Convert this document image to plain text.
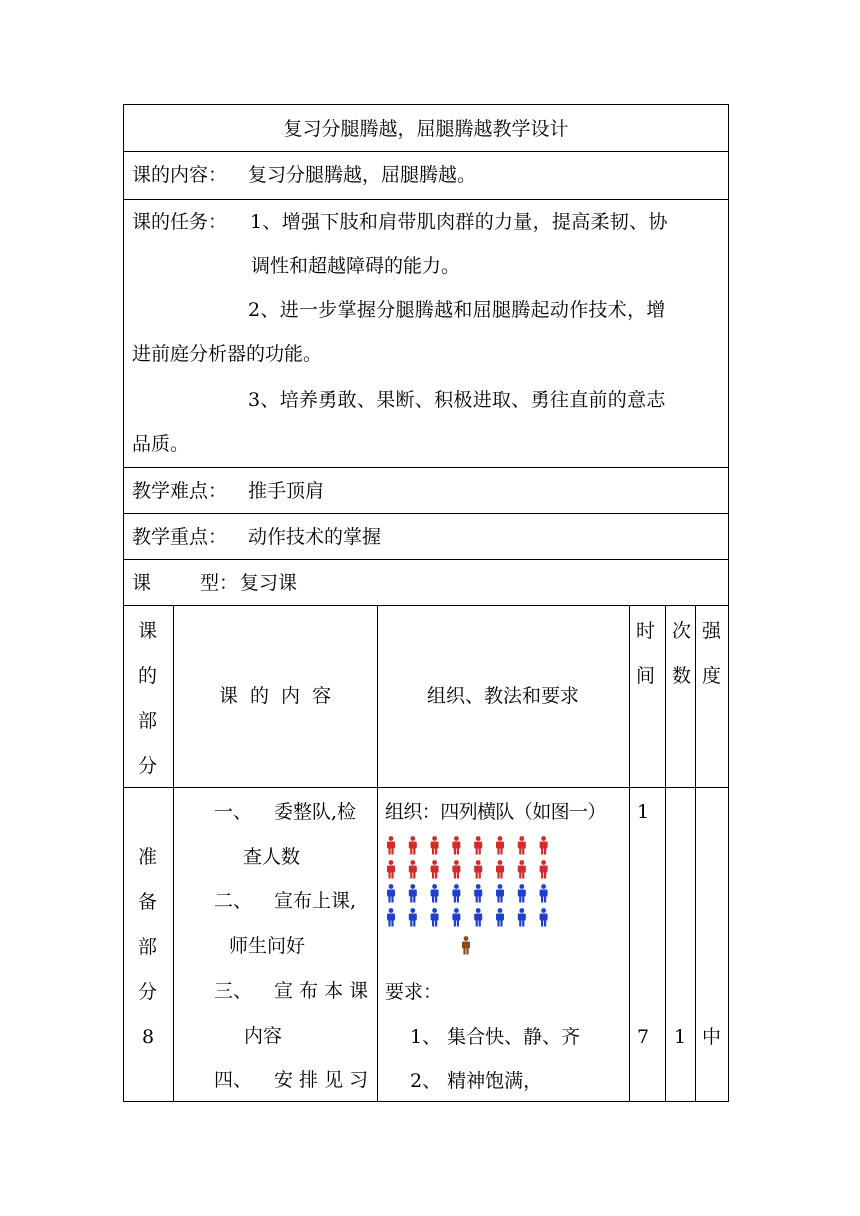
复习分腿腾越，屈腿腾越教学设计
课的内容： 复习分腿腾越，屈腿腾越。
课的任务： 1、增强下肢和肩带肌肉群的力量，提高柔韧、协
调性和超越障碍的能力。
2、进一步掌握分腿腾越和屈腿腾起动作技术，增
进前庭分析器的功能。
3、培养勇敢、果断、积极进取、勇往直前的意志
品质。
教学难点： 推手顶肩
教学重点： 动作技术的掌握
课	型： 复习课
课
的
部
分
课  的  内  容	组织、教法和要求
时
间
次
数
强
度
准
备
部
分
8
一、 委整队,检
查人数
二、 宣布上课,
师生问好
三、 宣 布 本 课
内容
四、 安 排 见 习
组织：四列横队（如图一）
要求：
1、 集合快、静、齐
2、 精神饱满，
1
7 1 中
